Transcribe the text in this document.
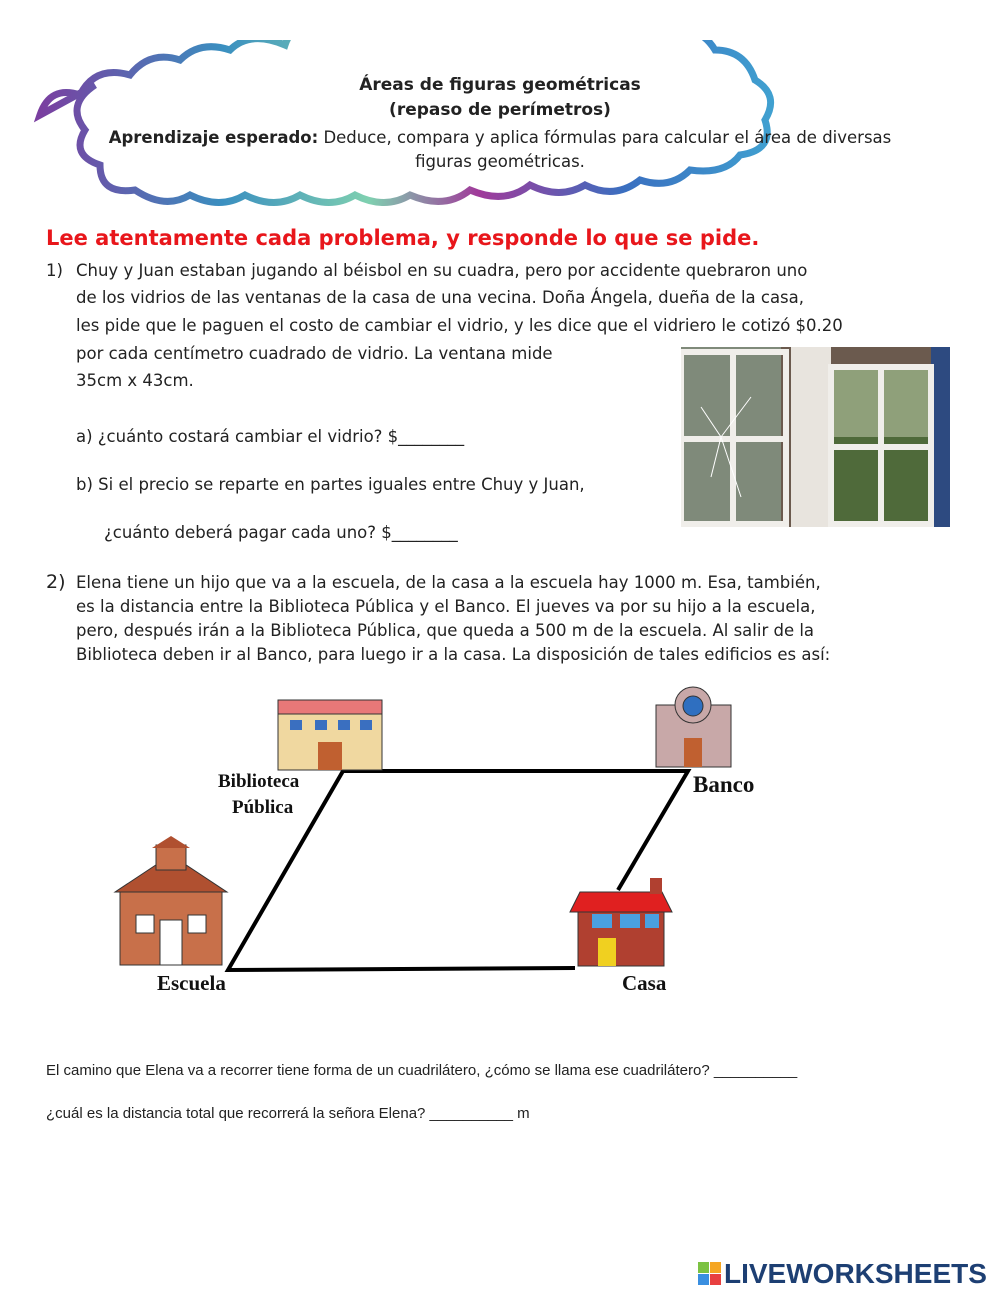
Áreas de figuras geométricas
(repaso de perímetros)
Aprendizaje esperado: Deduce, compara y aplica fórmulas para calcular el área de diversas
figuras geométricas.
Lee atentamente cada problema, y responde lo que se pide.
1) Chuy y Juan estaban jugando al béisbol en su cuadra, pero por accidente quebraron uno
de los vidrios de las ventanas de la casa de una vecina. Doña Ángela, dueña de la casa,
les pide que le paguen el costo de cambiar el vidrio, y les dice que el vidriero le cotizó $0.20
por cada centímetro cuadrado de vidrio. La ventana mide
35cm x 43cm.
a) ¿cuánto costará cambiar el vidrio? $________
b) Si el precio se reparte en partes iguales entre Chuy y Juan,
¿cuánto deberá pagar cada uno? $________
2) Elena tiene un hijo que va a la escuela, de la casa a la escuela hay 1000 m. Esa, también,
es la distancia entre la Biblioteca Pública y el Banco. El jueves va por su hijo a la escuela,
pero, después irán a la Biblioteca Pública, que queda a 500 m de la escuela. Al salir de la
Biblioteca deben ir al Banco, para luego ir a la casa. La disposición de tales edificios es así:
Biblioteca
Pública
Banco
Escuela	Casa
El camino que Elena va a recorrer tiene forma de un cuadrilátero, ¿cómo se llama ese cuadrilátero? __________
¿cuál es la distancia total que recorrerá la señora Elena? __________ m
LIVEWORKSHEETS
